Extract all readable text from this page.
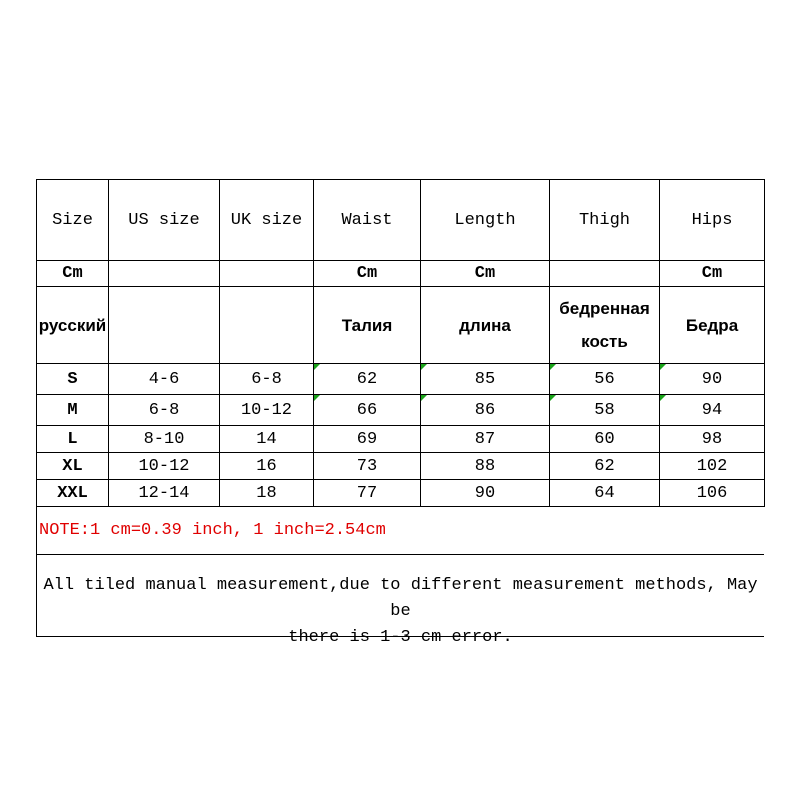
Size	US size	UK size	Waist	Length	Thigh	Hips
Cm			Cm	Cm		Cm
русский			Талия	длина	бедренная кость	Бедра
S	4-6	6-8	62	85	56	90

M	6-8	10-12	66	86	58	94

L	8-10	14	69	87	60	98
XL	10-12	16	73	88	62	102
XXL	12-14	18	77	90	64	106
NOTE:1 cm=0.39 inch, 1 inch=2.54cm
All tiled manual measurement,due to different measurement methods, May be
there is 1-3 cm error.
